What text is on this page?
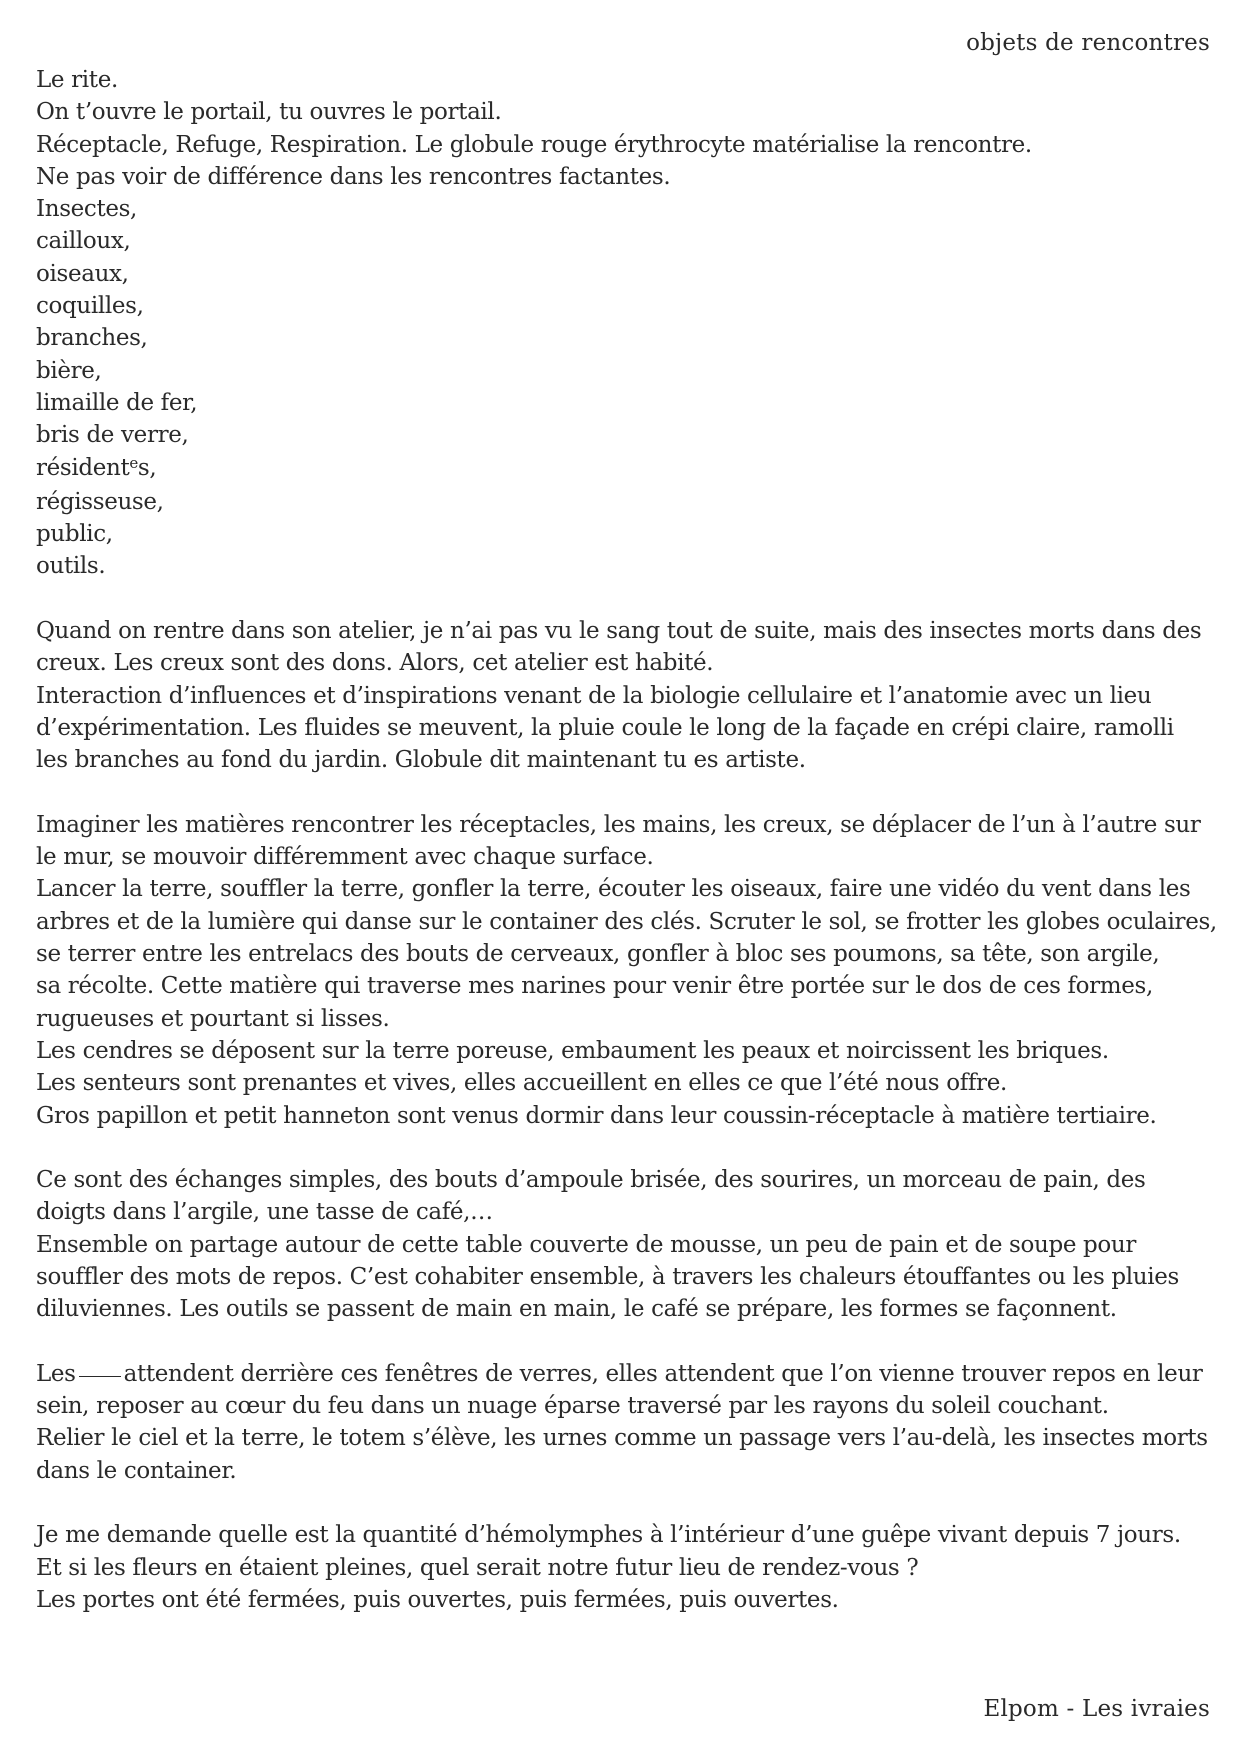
objets de rencontres
Le rite.
On t’ouvre le portail, tu ouvres le portail.
Réceptacle, Refuge, Respiration. Le globule rouge érythrocyte matérialise la rencontre.
Ne pas voir de différence dans les rencontres factantes.
Insectes,
cailloux,
oiseaux,
coquilles,
branches,
bière,
limaille de fer,
bris de verre,
résident$^e$s,
régisseuse,
public,
outils.
Quand on rentre dans son atelier, je n’ai pas vu le sang tout de suite, mais des insectes morts dans des
creux. Les creux sont des dons. Alors, cet atelier est habité.
Interaction d’influences et d’inspirations venant de la biologie cellulaire et l’anatomie avec un lieu
d’expérimentation. Les fluides se meuvent, la pluie coule le long de la façade en crépi claire, ramolli
les branches au fond du jardin. Globule dit maintenant tu es artiste.
Imaginer les matières rencontrer les réceptacles, les mains, les creux, se déplacer de l’un à l’autre sur
le mur, se mouvoir différemment avec chaque surface.
Lancer la terre, souffler la terre, gonfler la terre, écouter les oiseaux, faire une vidéo du vent dans les
arbres et de la lumière qui danse sur le container des clés. Scruter le sol, se frotter les globes oculaires,
se terrer entre les entrelacs des bouts de cerveaux, gonfler à bloc ses poumons, sa tête, son argile,
sa récolte. Cette matière qui traverse mes narines pour venir être portée sur le dos de ces formes,
rugueuses et pourtant si lisses.
Les cendres se déposent sur la terre poreuse, embaument les peaux et noircissent les briques.
Les senteurs sont prenantes et vives, elles accueillent en elles ce que l’été nous offre.
Gros papillon et petit hanneton sont venus dormir dans leur coussin-réceptacle à matière tertiaire.
Ce sont des échanges simples, des bouts d’ampoule brisée, des sourires, un morceau de pain, des
doigts dans l’argile, une tasse de café,…
Ensemble on partage autour de cette table couverte de mousse, un peu de pain et de soupe pour
souffler des mots de repos. C’est cohabiter ensemble, à travers les chaleurs étouffantes ou les pluies
diluviennes. Les outils se passent de main en main, le café se prépare, les formes se façonnent.
Les attendent derrière ces fenêtres de verres, elles attendent que l’on vienne trouver repos en leur
sein, reposer au cœur du feu dans un nuage éparse traversé par les rayons du soleil couchant.
Relier le ciel et la terre, le totem s’élève, les urnes comme un passage vers l’au-delà, les insectes morts
dans le container.
Je me demande quelle est la quantité d’hémolymphes à l’intérieur d’une guêpe vivant depuis 7 jours.
Et si les fleurs en étaient pleines, quel serait notre futur lieu de rendez-vous ?
Les portes ont été fermées, puis ouvertes, puis fermées, puis ouvertes.
Elpom - Les ivraies
